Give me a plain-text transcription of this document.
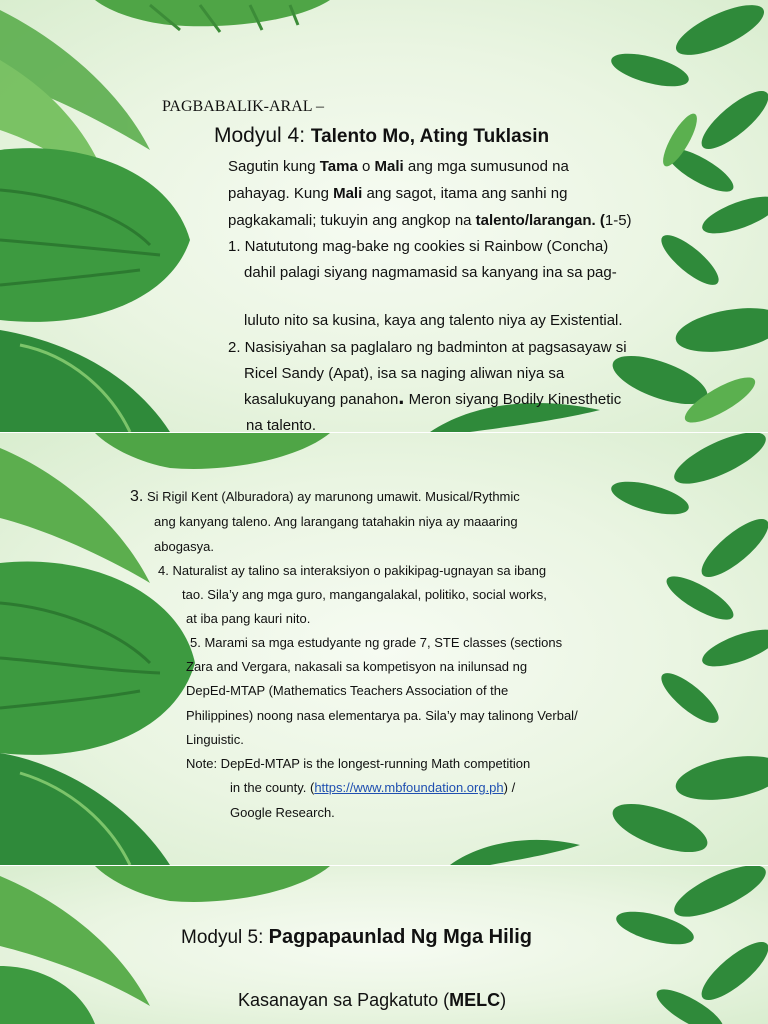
PAGBABALIK-ARAL –
Modyul 4: Talento Mo, Ating Tuklasin
Sagutin kung Tama o Mali ang mga sumusunod na
pahayag. Kung Mali ang sagot, itama ang sanhi ng
pagkakamali; tukuyin ang angkop na talento/larangan. (1-5)
1. Natututong mag-bake ng cookies si Rainbow (Concha)
dahil palagi siyang nagmamasid sa kanyang ina sa pag-
luluto nito sa kusina, kaya ang talento niya ay Existential.
2. Nasisiyahan sa paglalaro ng badminton at pagsasayaw si
Ricel Sandy (Apat), isa sa naging aliwan niya sa
kasalukuyang panahon. Meron siyang Bodily Kinesthetic
na talento.
3. Si Rigil Kent (Alburadora) ay marunong umawit. Musical/Rythmic
ang kanyang taleno. Ang larangang tatahakin niya ay maaaring
abogasya.
4. Naturalist ay talino sa interaksiyon o pakikipag-ugnayan sa ibang
tao. Sila’y ang mga guro, mangangalakal, politiko, social works,
at iba pang kauri nito.
5. Marami sa mga estudyante ng grade 7, STE classes (sections
Zara and Vergara, nakasali sa kompetisyon na inilunsad ng
DepEd-MTAP (Mathematics Teachers Association of the
Philippines) noong nasa elementarya pa. Sila’y may talinong Verbal/
Linguistic.
Note: DepEd-MTAP is the longest-running Math competition
in the county. (https://www.mbfoundation.org.ph) /
Google Research.
Modyul 5: Pagpapaunlad Ng Mga Hilig
Kasanayan sa Pagkatuto (MELC)
